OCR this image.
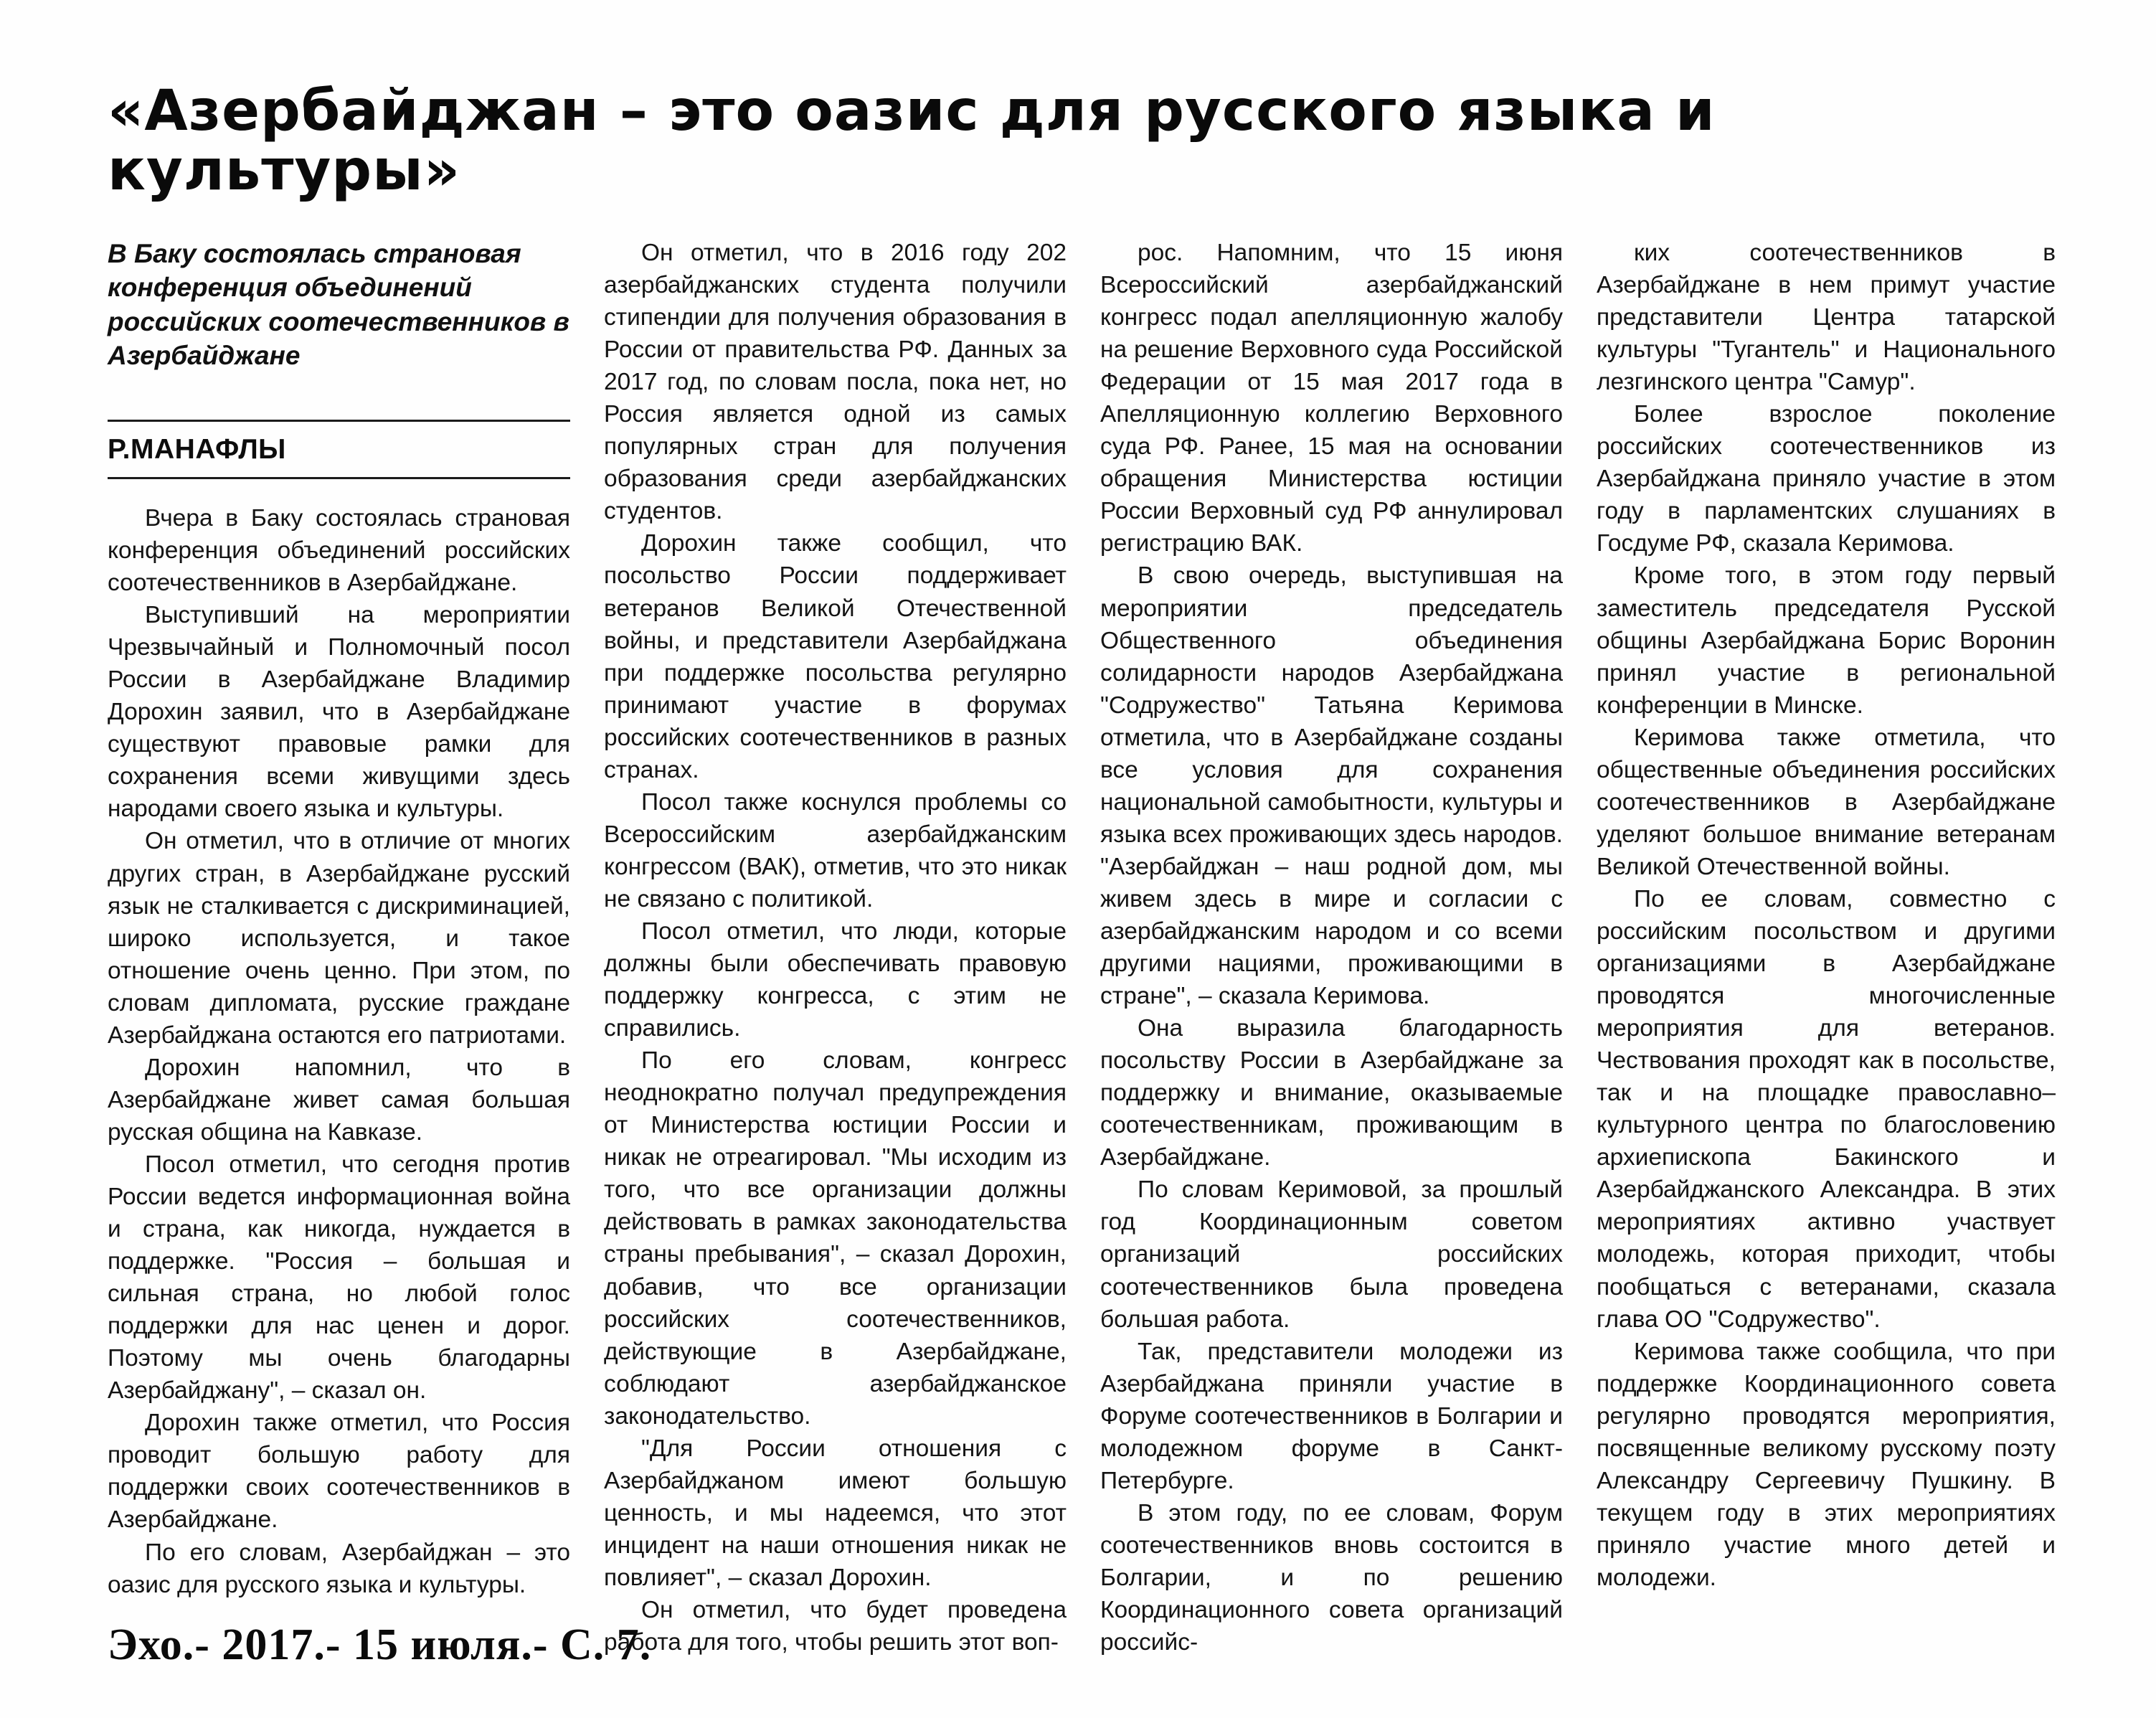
«Азербайджан – это оазис для русского языка и культуры»
В Баку состоялась страновая конференция объединений российских соотечественников в Азербайджане
Р.МАНАФЛЫ

Вчера в Баку состоялась страновая конференция объединений российских соотечественников в Азербайджане.

Выступивший на мероприятии Чрезвычайный и Полномочный посол России в Азербайджане Владимир Дорохин заявил, что в Азербайджане существуют правовые рамки для сохранения всеми живущими здесь народами своего языка и культуры.

Он отметил, что в отличие от многих других стран, в Азербайджане русский язык не сталкивается с дискриминацией, широко используется, и такое отношение очень ценно. При этом, по словам дипломата, русские граждане Азербайджана остаются его патриотами.

Дорохин напомнил, что в Азербайджане живет самая большая русская община на Кавказе.

Посол отметил, что сегодня против России ведется информационная война и страна, как никогда, нуждается в поддержке. "Россия – большая и сильная страна, но любой голос поддержки для нас ценен и дорог. Поэтому мы очень благодарны Азербайджану", – сказал он.

Дорохин также отметил, что Россия проводит большую работу для поддержки своих соотечественников в Азербайджане.

По его словам, Азербайджан – это оазис для русского языка и культуры.

Он отметил, что в 2016 году 202 азербайджанских студента получили стипендии для получения образования в России от правительства РФ. Данных за 2017 год, по словам посла, пока нет, но Россия является одной из самых популярных стран для получения образования среди азербайджанских студентов.

Дорохин также сообщил, что посольство России поддерживает ветеранов Великой Отечественной войны, и представители Азербайджана при поддержке посольства регулярно принимают участие в форумах российских соотечественников в разных странах.

Посол также коснулся проблемы со Всероссийским азербайджанским конгрессом (ВАК), отметив, что это никак не связано с политикой.

Посол отметил, что люди, которые должны были обеспечивать правовую поддержку конгресса, с этим не справились.

По его словам, конгресс неоднократно получал предупреждения от Министерства юстиции России и никак не отреагировал. "Мы исходим из того, что все организации должны действовать в рамках законодательства страны пребывания", – сказал Дорохин, добавив, что все организации российских соотечественников, действующие в Азербайджане, соблюдают азербайджанское законодательство.

"Для России отношения с Азербайджаном имеют большую ценность, и мы надеемся, что этот инцидент на наши отношения никак не повлияет", – сказал Дорохин.

Он отметил, что будет проведена работа для того, чтобы решить этот воп-

рос. Напомним, что 15 июня Всероссийский азербайджанский конгресс подал апелляционную жалобу на решение Верховного суда Российской Федерации от 15 мая 2017 года в Апелляционную коллегию Верховного суда РФ. Ранее, 15 мая на основании обращения Министерства юстиции России Верховный суд РФ аннулировал регистрацию ВАК.

В свою очередь, выступившая на мероприятии председатель Общественного объединения солидарности народов Азербайджана "Содружество" Татьяна Керимова отметила, что в Азербайджане созданы все условия для сохранения национальной самобытности, культуры и языка всех проживающих здесь народов. "Азербайджан – наш родной дом, мы живем здесь в мире и согласии с азербайджанским народом и со всеми другими нациями, проживающими в стране", – сказала Керимова.

Она выразила благодарность посольству России в Азербайджане за поддержку и внимание, оказываемые соотечественникам, проживающим в Азербайджане.

По словам Керимовой, за прошлый год Координационным советом организаций российских соотечественников была проведена большая работа.

Так, представители молодежи из Азербайджана приняли участие в Форуме соотечественников в Болгарии и молодежном форуме в Санкт-Петербурге.

В этом году, по ее словам, Форум соотечественников вновь состоится в Болгарии, и по решению Координационного совета организаций российс-

ких соотечественников в Азербайджане в нем примут участие представители Центра татарской культуры "Тугантель" и Национального лезгинского центра "Самур".

Более взрослое поколение российских соотечественников из Азербайджана приняло участие в этом году в парламентских слушаниях в Госдуме РФ, сказала Керимова.

Кроме того, в этом году первый заместитель председателя Русской общины Азербайджана Борис Воронин принял участие в региональной конференции в Минске.

Керимова также отметила, что общественные объединения российских соотечественников в Азербайджане уделяют большое внимание ветеранам Великой Отечественной войны.

По ее словам, совместно с российским посольством и другими организациями в Азербайджане проводятся многочисленные мероприятия для ветеранов. Чествования проходят как в посольстве, так и на площадке православно–культурного центра по благословению архиепископа Бакинского и Азербайджанского Александра. В этих мероприятиях активно участвует молодежь, которая приходит, чтобы пообщаться с ветеранами, сказала глава ОО "Содружество".

Керимова также сообщила, что при поддержке Координационного совета регулярно проводятся мероприятия, посвященные великому русскому поэту Александру Сергеевичу Пушкину. В текущем году в этих мероприятиях приняло участие много детей и молодежи.

Эхо.- 2017.- 15 июля.- С. 7.
